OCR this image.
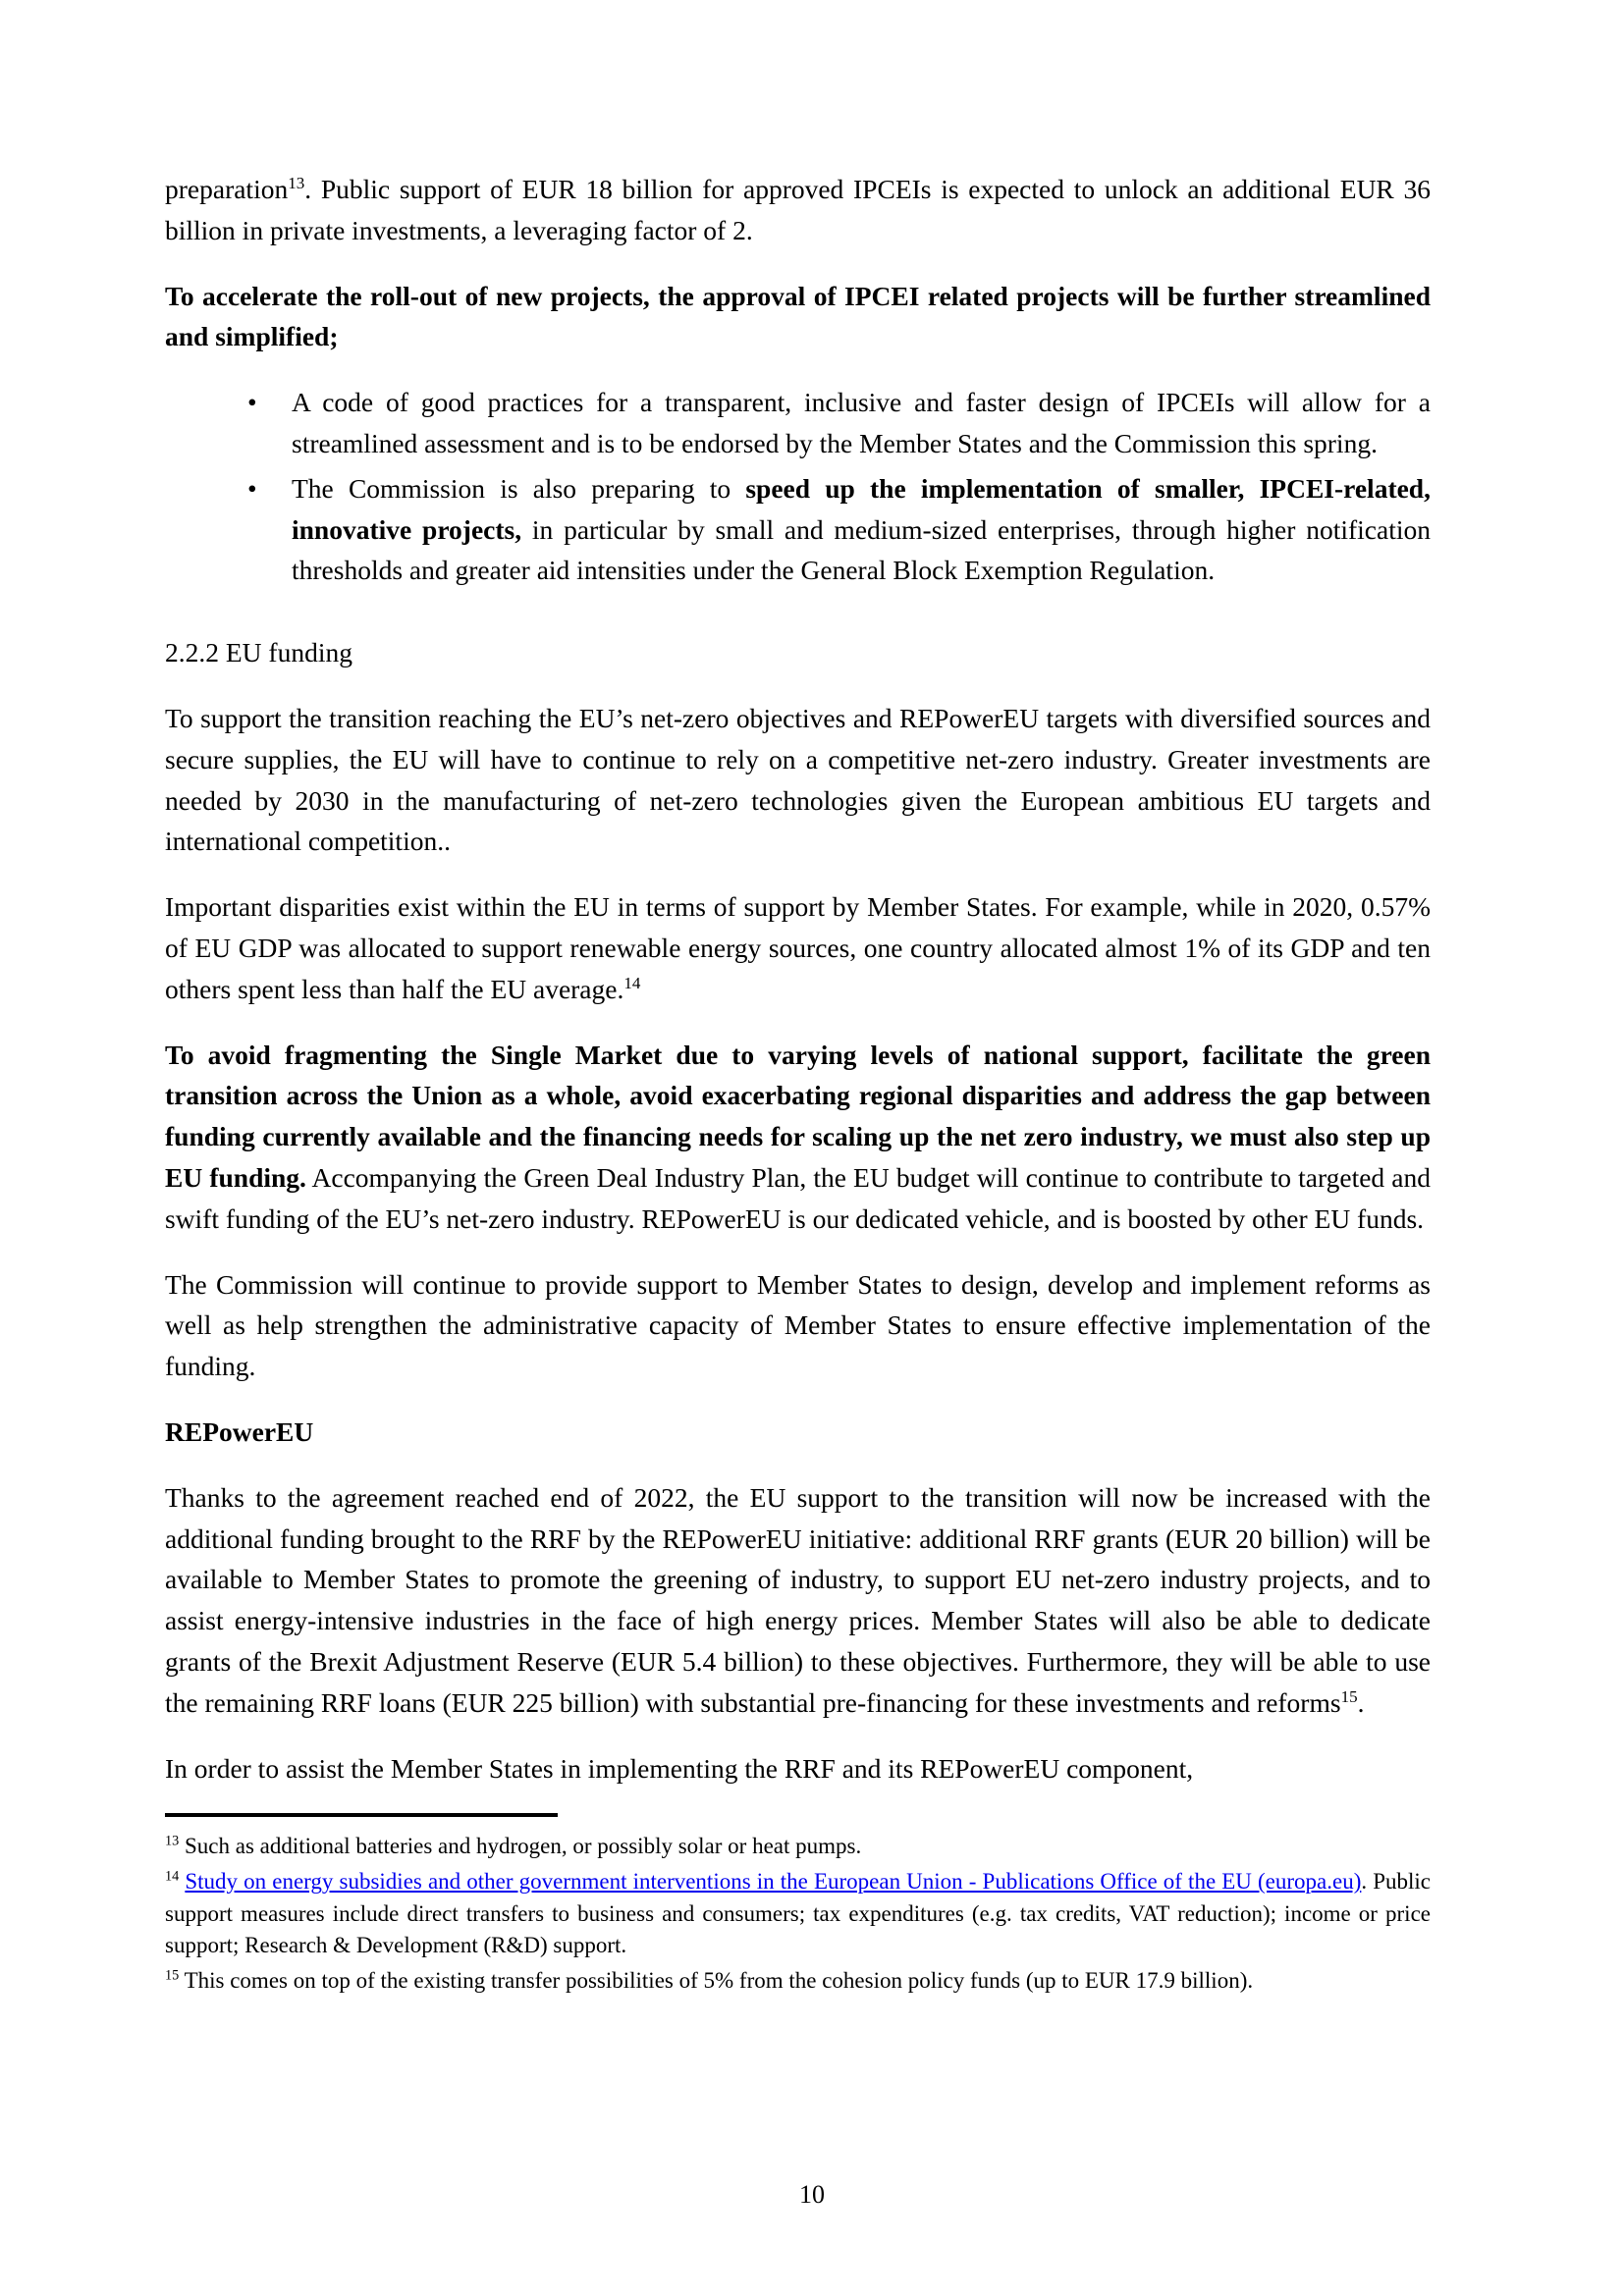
preparation$^{13}$. Public support of EUR 18 billion for approved IPCEIs is expected to unlock an additional EUR 36 billion in private investments, a leveraging factor of 2.

To accelerate the roll-out of new projects, the approval of IPCEI related projects will be further streamlined and simplified;

• A code of good practices for a transparent, inclusive and faster design of IPCEIs will allow for a streamlined assessment and is to be endorsed by the Member States and the Commission this spring.
• The Commission is also preparing to speed up the implementation of smaller, IPCEI-related, innovative projects, in particular by small and medium-sized enterprises, through higher notification thresholds and greater aid intensities under the General Block Exemption Regulation.
2.2.2 EU funding

To support the transition reaching the EU’s net-zero objectives and REPowerEU targets with diversified sources and secure supplies, the EU will have to continue to rely on a competitive net-zero industry. Greater investments are needed by 2030 in the manufacturing of net-zero technologies given the European ambitious EU targets and international competition..

Important disparities exist within the EU in terms of support by Member States. For example, while in 2020, 0.57% of EU GDP was allocated to support renewable energy sources, one country allocated almost 1% of its GDP and ten others spent less than half the EU average.$^{14}$

To avoid fragmenting the Single Market due to varying levels of national support, facilitate the green transition across the Union as a whole, avoid exacerbating regional disparities and address the gap between funding currently available and the financing needs for scaling up the net zero industry, we must also step up EU funding. Accompanying the Green Deal Industry Plan, the EU budget will continue to contribute to targeted and swift funding of the EU’s net-zero industry. REPowerEU is our dedicated vehicle, and is boosted by other EU funds.

The Commission will continue to provide support to Member States to design, develop and implement reforms as well as help strengthen the administrative capacity of Member States to ensure effective implementation of the funding.

REPowerEU

Thanks to the agreement reached end of 2022, the EU support to the transition will now be increased with the additional funding brought to the RRF by the REPowerEU initiative: additional RRF grants (EUR 20 billion) will be available to Member States to promote the greening of industry, to support EU net-zero industry projects, and to assist energy-intensive industries in the face of high energy prices. Member States will also be able to dedicate grants of the Brexit Adjustment Reserve (EUR 5.4 billion) to these objectives. Furthermore, they will be able to use the remaining RRF loans (EUR 225 billion) with substantial pre-financing for these investments and reforms$^{15}$.

In order to assist the Member States in implementing the RRF and its REPowerEU component,

$^{13}$ Such as additional batteries and hydrogen, or possibly solar or heat pumps.

$^{14}$ Study on energy subsidies and other government interventions in the European Union - Publications Office of the EU (europa.eu). Public support measures include direct transfers to business and consumers; tax expenditures (e.g. tax credits, VAT reduction); income or price support; Research & Development (R&D) support.

$^{15}$ This comes on top of the existing transfer possibilities of 5% from the cohesion policy funds (up to EUR 17.9 billion).

10
